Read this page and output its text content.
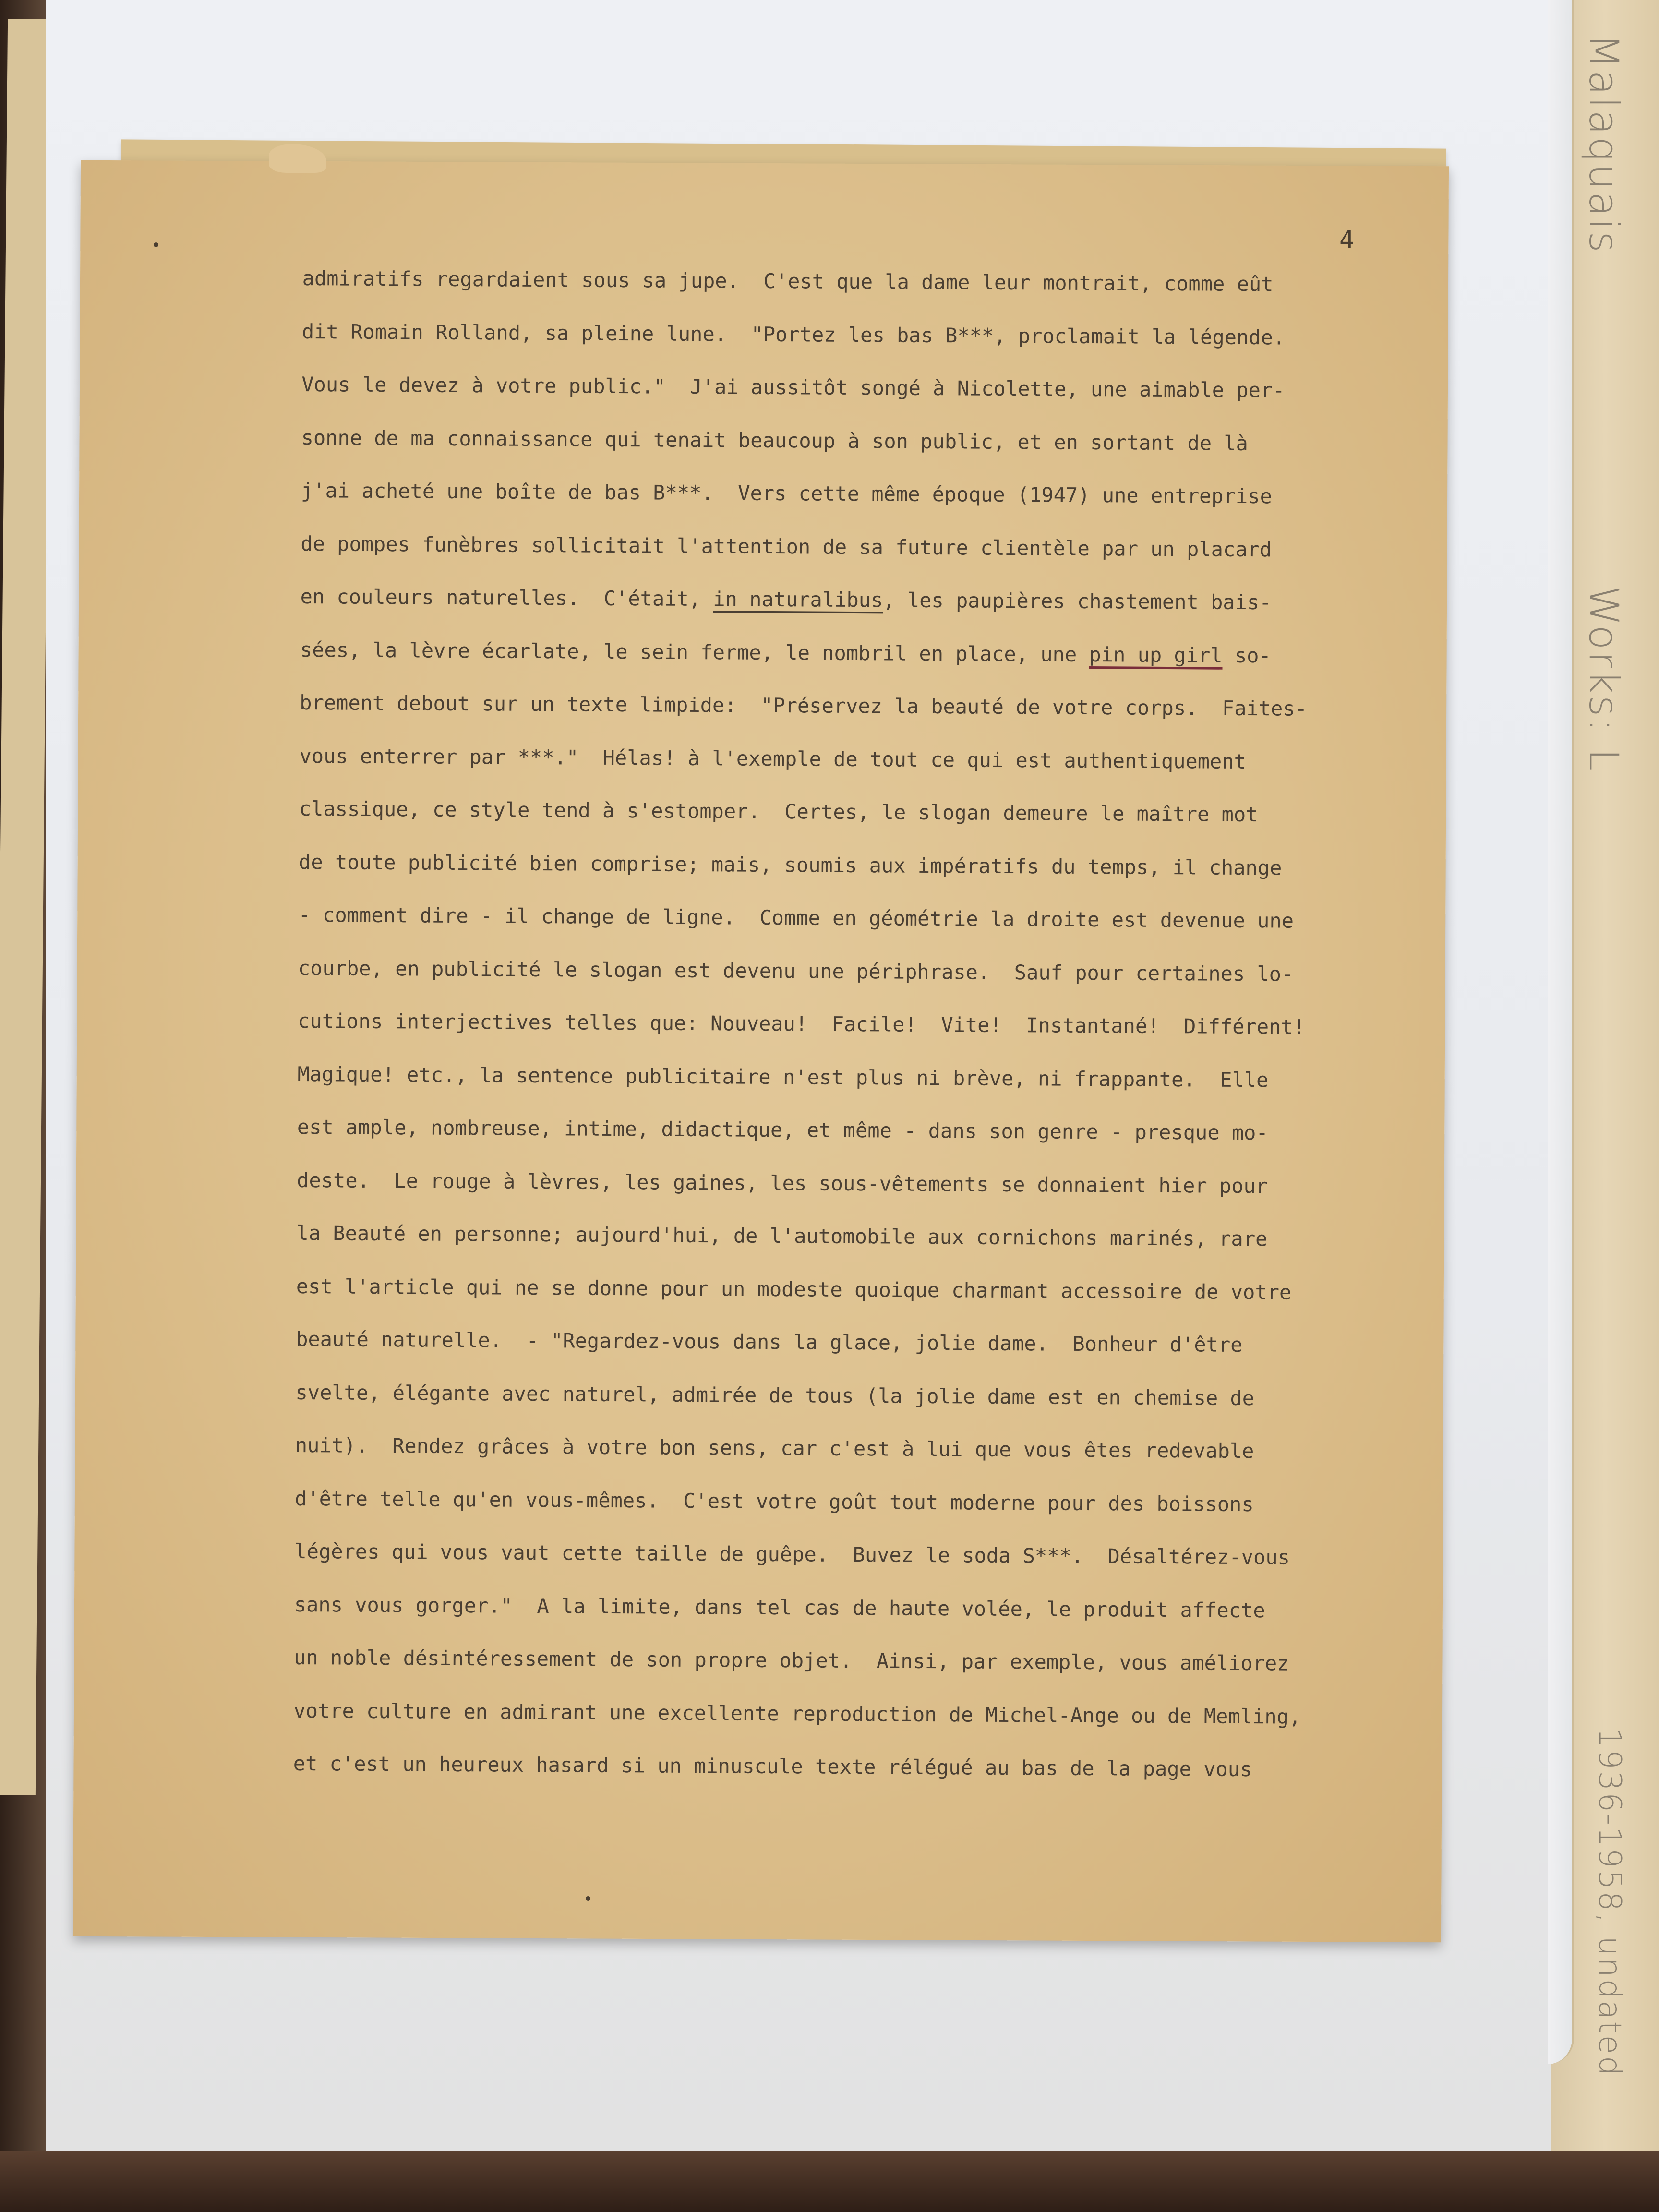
Malaquais
Works: L
1936-1958, undated
4
admiratifs regardaient sous sa jupe.  C'est que la dame leur montrait, comme eût
dit Romain Rolland, sa pleine lune.  "Portez les bas B***, proclamait la légende.
Vous le devez à votre public."  J'ai aussitôt songé à Nicolette, une aimable per-
sonne de ma connaissance qui tenait beaucoup à son public, et en sortant de là
j'ai acheté une boîte de bas B***.  Vers cette même époque (1947) une entreprise
de pompes funèbres sollicitait l'attention de sa future clientèle par un placard
en couleurs naturelles.  C'était, in naturalibus, les paupières chastement bais-
sées, la lèvre écarlate, le sein ferme, le nombril en place, une pin up girl so-
brement debout sur un texte limpide:  "Préservez la beauté de votre corps.  Faites-
vous enterrer par ***."  Hélas! à l'exemple de tout ce qui est authentiquement
classique, ce style tend à s'estomper.  Certes, le slogan demeure le maître mot
de toute publicité bien comprise; mais, soumis aux impératifs du temps, il change
- comment dire - il change de ligne.  Comme en géométrie la droite est devenue une
courbe, en publicité le slogan est devenu une périphrase.  Sauf pour certaines lo-
cutions interjectives telles que: Nouveau!  Facile!  Vite!  Instantané!  Différent!
Magique! etc., la sentence publicitaire n'est plus ni brève, ni frappante.  Elle
est ample, nombreuse, intime, didactique, et même - dans son genre - presque mo-
deste.  Le rouge à lèvres, les gaines, les sous-vêtements se donnaient hier pour
la Beauté en personne; aujourd'hui, de l'automobile aux cornichons marinés, rare
est l'article qui ne se donne pour un modeste quoique charmant accessoire de votre
beauté naturelle.  - "Regardez-vous dans la glace, jolie dame.  Bonheur d'être
svelte, élégante avec naturel, admirée de tous (la jolie dame est en chemise de
nuit).  Rendez grâces à votre bon sens, car c'est à lui que vous êtes redevable
d'être telle qu'en vous-mêmes.  C'est votre goût tout moderne pour des boissons
légères qui vous vaut cette taille de guêpe.  Buvez le soda S***.  Désaltérez-vous
sans vous gorger."  A la limite, dans tel cas de haute volée, le produit affecte
un noble désintéressement de son propre objet.  Ainsi, par exemple, vous améliorez
votre culture en admirant une excellente reproduction de Michel-Ange ou de Memling,
et c'est un heureux hasard si un minuscule texte rélégué au bas de la page vous
